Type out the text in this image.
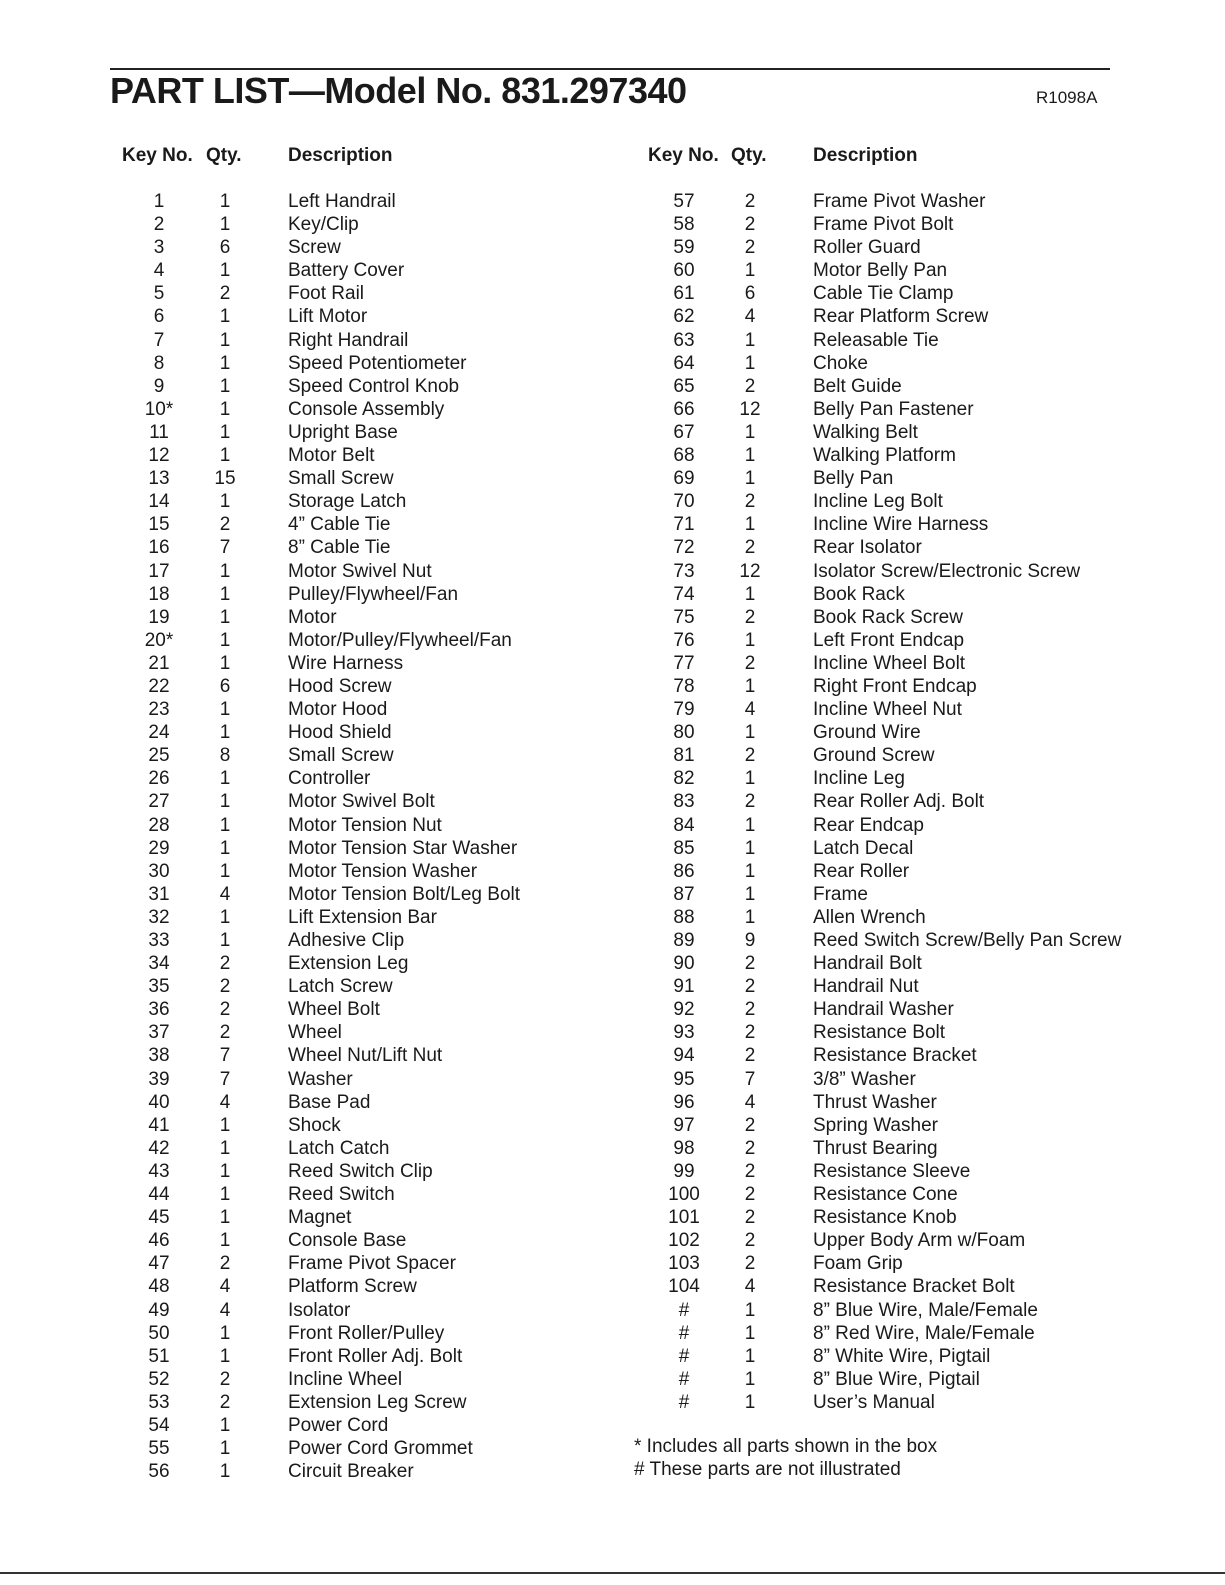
PART LIST—Model No. 831.297340	R1098A
Key No. Qty. Description	Key No. Qty. Description
1	1	Left Handrail
2	1	Key/Clip
3	6	Screw
4	1	Battery Cover
5	2	Foot Rail
6	1	Lift Motor
7	1	Right Handrail
8	1	Speed Potentiometer
9	1	Speed Control Knob
10*	1	Console Assembly
11	1	Upright Base
12	1	Motor Belt
13	15	Small Screw
14	1	Storage Latch
15	2	4” Cable Tie
16	7	8” Cable Tie
17	1	Motor Swivel Nut
18	1	Pulley/Flywheel/Fan
19	1	Motor
20*	1	Motor/Pulley/Flywheel/Fan
21	1	Wire Harness
22	6	Hood Screw
23	1	Motor Hood
24	1	Hood Shield
25	8	Small Screw
26	1	Controller
27	1	Motor Swivel Bolt
28	1	Motor Tension Nut
29	1	Motor Tension Star Washer
30	1	Motor Tension Washer
31	4	Motor Tension Bolt/Leg Bolt
32	1	Lift Extension Bar
33	1	Adhesive Clip
34	2	Extension Leg
35	2	Latch Screw
36	2	Wheel Bolt
37	2	Wheel
38	7	Wheel Nut/Lift Nut
39	7	Washer
40	4	Base Pad
41	1	Shock
42	1	Latch Catch
43	1	Reed Switch Clip
44	1	Reed Switch
45	1	Magnet
46	1	Console Base
47	2	Frame Pivot Spacer
48	4	Platform Screw
49	4	Isolator
50	1	Front Roller/Pulley
51	1	Front Roller Adj. Bolt
52	2	Incline Wheel
53	2	Extension Leg Screw
54	1	Power Cord
55	1	Power Cord Grommet
56	1	Circuit Breaker
57	2	Frame Pivot Washer
58	2	Frame Pivot Bolt
59	2	Roller Guard
60	1	Motor Belly Pan
61	6	Cable Tie Clamp
62	4	Rear Platform Screw
63	1	Releasable Tie
64	1	Choke
65	2	Belt Guide
66	12	Belly Pan Fastener
67	1	Walking Belt
68	1	Walking Platform
69	1	Belly Pan
70	2	Incline Leg Bolt
71	1	Incline Wire Harness
72	2	Rear Isolator
73	12	Isolator Screw/Electronic Screw
74	1	Book Rack
75	2	Book Rack Screw
76	1	Left Front Endcap
77	2	Incline Wheel Bolt
78	1	Right Front Endcap
79	4	Incline Wheel Nut
80	1	Ground Wire
81	2	Ground Screw
82	1	Incline Leg
83	2	Rear Roller Adj. Bolt
84	1	Rear Endcap
85	1	Latch Decal
86	1	Rear Roller
87	1	Frame
88	1	Allen Wrench
89	9	Reed Switch Screw/Belly Pan Screw
90	2	Handrail Bolt
91	2	Handrail Nut
92	2	Handrail Washer
93	2	Resistance Bolt
94	2	Resistance Bracket
95	7	3/8” Washer
96	4	Thrust Washer
97	2	Spring Washer
98	2	Thrust Bearing
99	2	Resistance Sleeve
100	2	Resistance Cone
101	2	Resistance Knob
102	2	Upper Body Arm w/Foam
103	2	Foam Grip
104	4	Resistance Bracket Bolt
#	1	8” Blue Wire, Male/Female
#	1	8” Red Wire, Male/Female
#	1	8” White Wire, Pigtail
#	1	8” Blue Wire, Pigtail
#	1	User’s Manual
* Includes all parts shown in the box
# These parts are not illustrated
